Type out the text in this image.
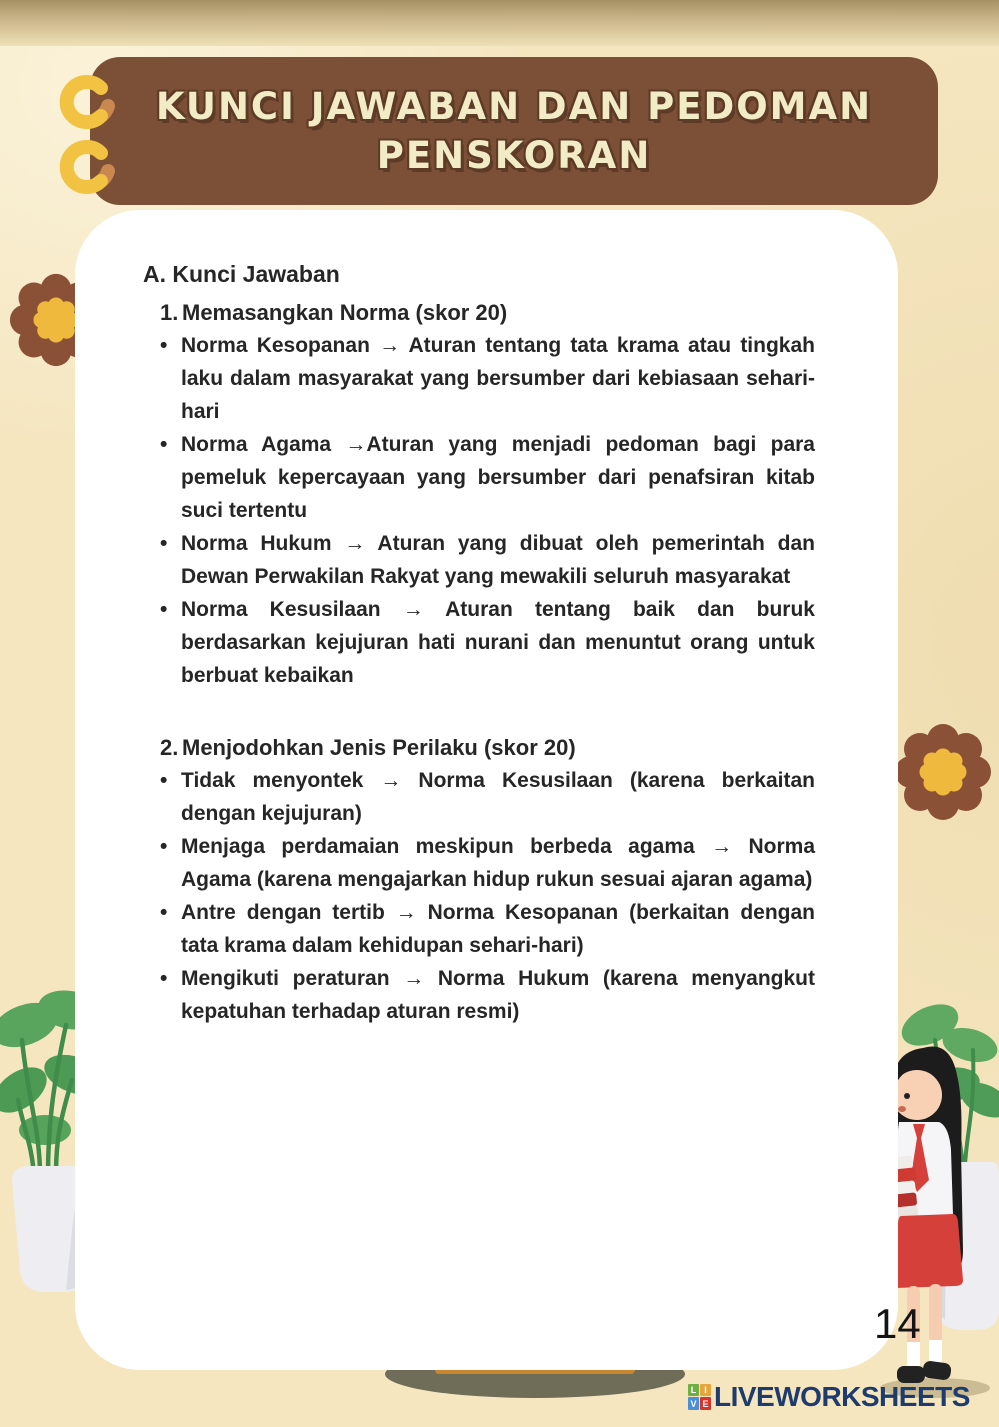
KUNCI JAWABAN DAN PEDOMAN
PENSKORAN
A. Kunci Jawaban
1. Memasangkan Norma (skor 20)
• Norma Kesopanan → Aturan tentang tata krama atau tingkah laku dalam masyarakat yang bersumber dari kebiasaan sehari-hari
• Norma Agama →Aturan yang menjadi pedoman bagi para pemeluk kepercayaan yang bersumber dari penafsiran kitab suci tertentu
• Norma Hukum → Aturan yang dibuat oleh pemerintah dan Dewan Perwakilan Rakyat yang mewakili seluruh masyarakat
• Norma Kesusilaan → Aturan tentang baik dan buruk berdasarkan kejujuran hati nurani dan menuntut orang untuk berbuat kebaikan
2. Menjodohkan Jenis Perilaku (skor 20)
• Tidak menyontek → Norma Kesusilaan (karena berkaitan dengan kejujuran)
• Menjaga perdamaian meskipun berbeda agama → Norma Agama (karena mengajarkan hidup rukun sesuai ajaran agama)
• Antre dengan tertib → Norma Kesopanan (berkaitan dengan tata krama dalam kehidupan sehari-hari)
• Mengikuti peraturan → Norma Hukum (karena menyangkut kepatuhan terhadap aturan resmi)
14
L I
V E LIVEWORKSHEETS
